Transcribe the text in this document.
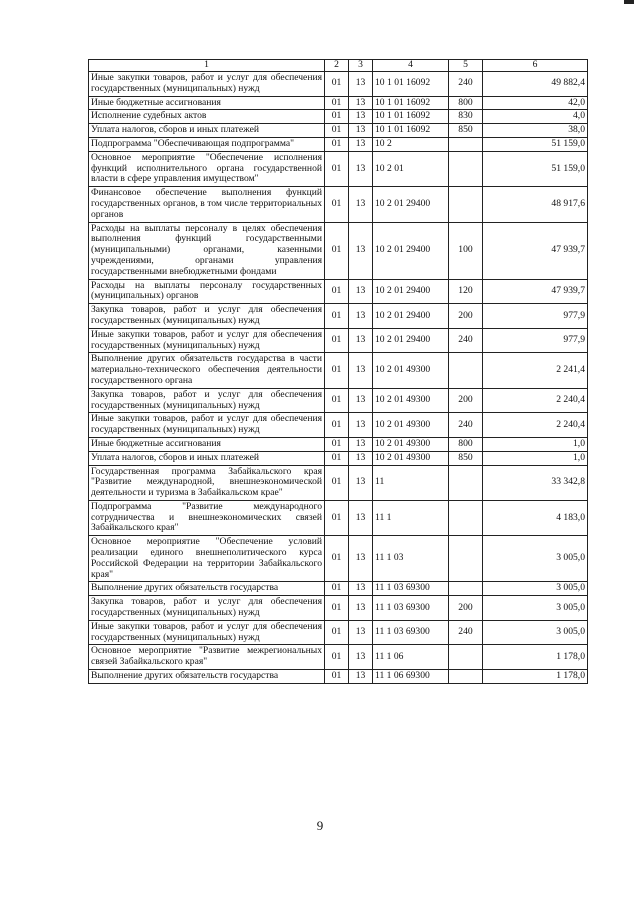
1	2	3	4	5	6
Иные закупки товаров, работ и услуг для обеспечения государственных (муниципальных) нужд	01	13	10 1 01 16092	240	49 882,4
Иные бюджетные ассигнования	01	13	10 1 01 16092	800	42,0
Исполнение судебных актов	01	13	10 1 01 16092	830	4,0
Уплата налогов, сборов и иных платежей	01	13	10 1 01 16092	850	38,0
Подпрограмма "Обеспечивающая подпрограмма"	01	13	10 2		51 159,0
Основное мероприятие "Обеспечение исполнения функций исполнительного органа государственной власти в сфере управления имуществом"	01	13	10 2 01		51 159,0
Финансовое обеспечение выполнения функций государственных органов, в том числе территориальных органов	01	13	10 2 01 29400		48 917,6
Расходы на выплаты персоналу в целях обеспечения выполнения функций государственными (муниципальными) органами, казенными учреждениями, органами управления государственными внебюджетными фондами	01	13	10 2 01 29400	100	47 939,7
Расходы на выплаты персоналу государственных (муниципальных) органов	01	13	10 2 01 29400	120	47 939,7
Закупка товаров, работ и услуг для обеспечения государственных (муниципальных) нужд	01	13	10 2 01 29400	200	977,9
Иные закупки товаров, работ и услуг для обеспечения государственных (муниципальных) нужд	01	13	10 2 01 29400	240	977,9
Выполнение других обязательств государства в части материально-технического обеспечения деятельности государственного органа	01	13	10 2 01 49300		2 241,4
Закупка товаров, работ и услуг для обеспечения государственных (муниципальных) нужд	01	13	10 2 01 49300	200	2 240,4
Иные закупки товаров, работ и услуг для обеспечения государственных (муниципальных) нужд	01	13	10 2 01 49300	240	2 240,4
Иные бюджетные ассигнования	01	13	10 2 01 49300	800	1,0
Уплата налогов, сборов и иных платежей	01	13	10 2 01 49300	850	1,0
Государственная программа Забайкальского края "Развитие международной, внешнеэкономической деятельности и туризма в Забайкальском крае"	01	13	11		33 342,8
Подпрограмма "Развитие международного сотрудничества и внешнеэкономических связей Забайкальского края"	01	13	11 1		4 183,0
Основное мероприятие "Обеспечение условий реализации единого внешнеполитического курса Российской Федерации на территории Забайкальского края"	01	13	11 1 03		3 005,0
Выполнение других обязательств государства	01	13	11 1 03 69300		3 005,0
Закупка товаров, работ и услуг для обеспечения государственных (муниципальных) нужд	01	13	11 1 03 69300	200	3 005,0
Иные закупки товаров, работ и услуг для обеспечения государственных (муниципальных) нужд	01	13	11 1 03 69300	240	3 005,0
Основное мероприятие "Развитие межрегиональных связей Забайкальского края"	01	13	11 1 06		1 178,0
Выполнение других обязательств государства	01	13	11 1 06 69300		1 178,0
9
